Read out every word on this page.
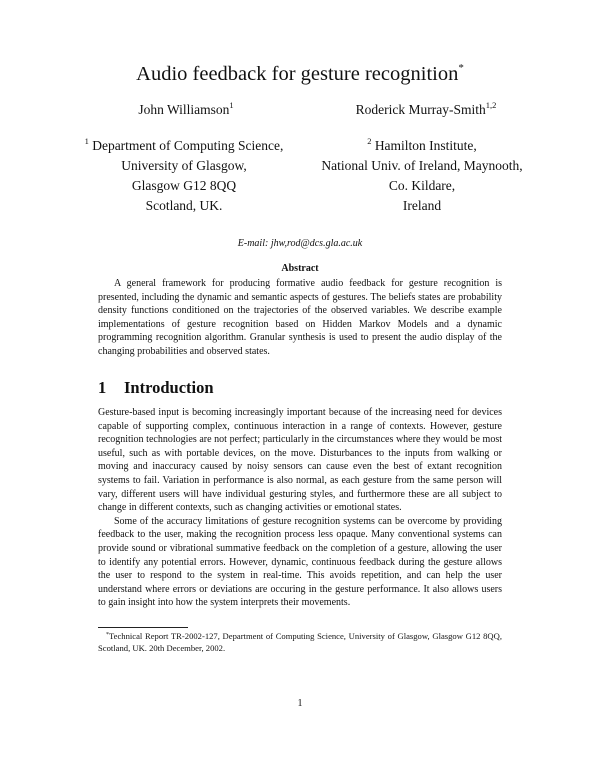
Audio feedback for gesture recognition*
John Williamson$^1$	Roderick Murray-Smith$^{1,2}$
$^1$ Department of Computing Science,
University of Glasgow,
Glasgow G12 8QQ
Scotland, UK.
$^2$ Hamilton Institute,
National Univ. of Ireland, Maynooth,
Co. Kildare,
Ireland
E-mail: jhw,rod@dcs.gla.ac.uk
Abstract

A general framework for producing formative audio feedback for gesture recognition is presented, including the dynamic and semantic aspects of gestures. The beliefs states are probability density functions conditioned on the trajectories of the observed variables. We describe example implementations of gesture recognition based on Hidden Markov Models and a dynamic programming recognition algorithm. Granular synthesis is used to present the audio display of the changing probabilities and observed states.

1 Introduction

Gesture-based input is becoming increasingly important because of the increasing need for devices capable of supporting complex, continuous interaction in a range of contexts. However, gesture recognition technologies are not perfect; particularly in the circumstances where they would be most useful, such as with portable devices, on the move. Disturbances to the inputs from walking or moving and inaccuracy caused by noisy sensors can cause even the best of extant recognition systems to fail. Variation in performance is also normal, as each gesture from the same person will vary, different users will have individual gesturing styles, and furthermore these are all subject to change in different contexts, such as changing activities or emotional states.

Some of the accuracy limitations of gesture recognition systems can be overcome by providing feedback to the user, making the recognition process less opaque. Many conventional systems can provide sound or vibrational summative feedback on the completion of a gesture, allowing the user to identify any potential errors. However, dynamic, continuous feedback during the gesture allows the user to respond to the system in real-time. This avoids repetition, and can help the user understand where errors or deviations are occuring in the gesture performance. It also allows users to gain insight into how the system interprets their movements.

*Technical Report TR-2002-127, Department of Computing Science, University of Glasgow, Glasgow G12 8QQ, Scotland, UK. 20th December, 2002.

1
